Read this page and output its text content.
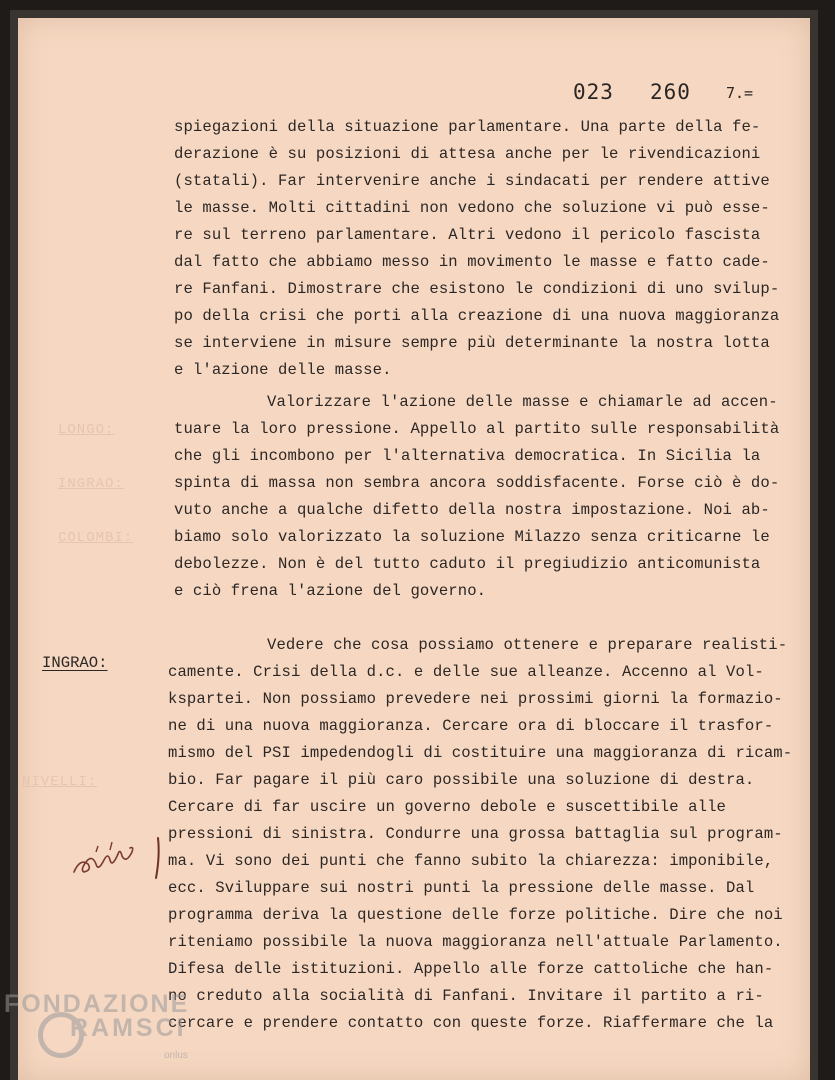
023 260 7.=
LONGO:
INGRAO:
COLOMBI:
NIVELLI:
spiegazioni della situazione parlamentare. Una parte della fe-
derazione è su posizioni di attesa anche per le rivendicazioni
(statali). Far intervenire anche i sindacati per rendere attive
le masse. Molti cittadini non vedono che soluzione vi può esse-
re sul terreno parlamentare. Altri vedono il pericolo fascista
dal fatto che abbiamo messo in movimento le masse e fatto cade-
re Fanfani. Dimostrare che esistono le condizioni di uno svilup-
po della crisi che porti alla creazione di una nuova maggioranza
se interviene in misure sempre più determinante la nostra lotta
e l'azione delle masse.
Valorizzare l'azione delle masse e chiamarle ad accen-
tuare la loro pressione. Appello al partito sulle responsabilità
che gli incombono per l'alternativa democratica. In Sicilia la
spinta di massa non sembra ancora soddisfacente. Forse ciò è do-
vuto anche a qualche difetto della nostra impostazione. Noi ab-
biamo solo valorizzato la soluzione Milazzo senza criticarne le
debolezze. Non è del tutto caduto il pregiudizio anticomunista
e ciò frena l'azione del governo.
INGRAO:
Vedere che cosa possiamo ottenere e preparare realisti-
camente. Crisi della d.c. e delle sue alleanze. Accenno al Vol-
kspartei. Non possiamo prevedere nei prossimi giorni la formazio-
ne di una nuova maggioranza. Cercare ora di bloccare il trasfor-
mismo del PSI impedendogli di costituire una maggioranza di ricam-
bio. Far pagare il più caro possibile una soluzione di destra.
Cercare di far uscire un governo debole e suscettibile alle
pressioni di sinistra. Condurre una grossa battaglia sul program-
ma. Vi sono dei punti che fanno subito la chiarezza: imponibile,
ecc. Sviluppare sui nostri punti la pressione delle masse. Dal
programma deriva la questione delle forze politiche. Dire che noi
riteniamo possibile la nuova maggioranza nell'attuale Parlamento.
Difesa delle istituzioni. Appello alle forze cattoliche che han-
no creduto alla socialità di Fanfani. Invitare il partito a ri-
cercare e prendere contatto con queste forze. Riaffermare che la
FONDAZIONE
RAMSCI
onlus
